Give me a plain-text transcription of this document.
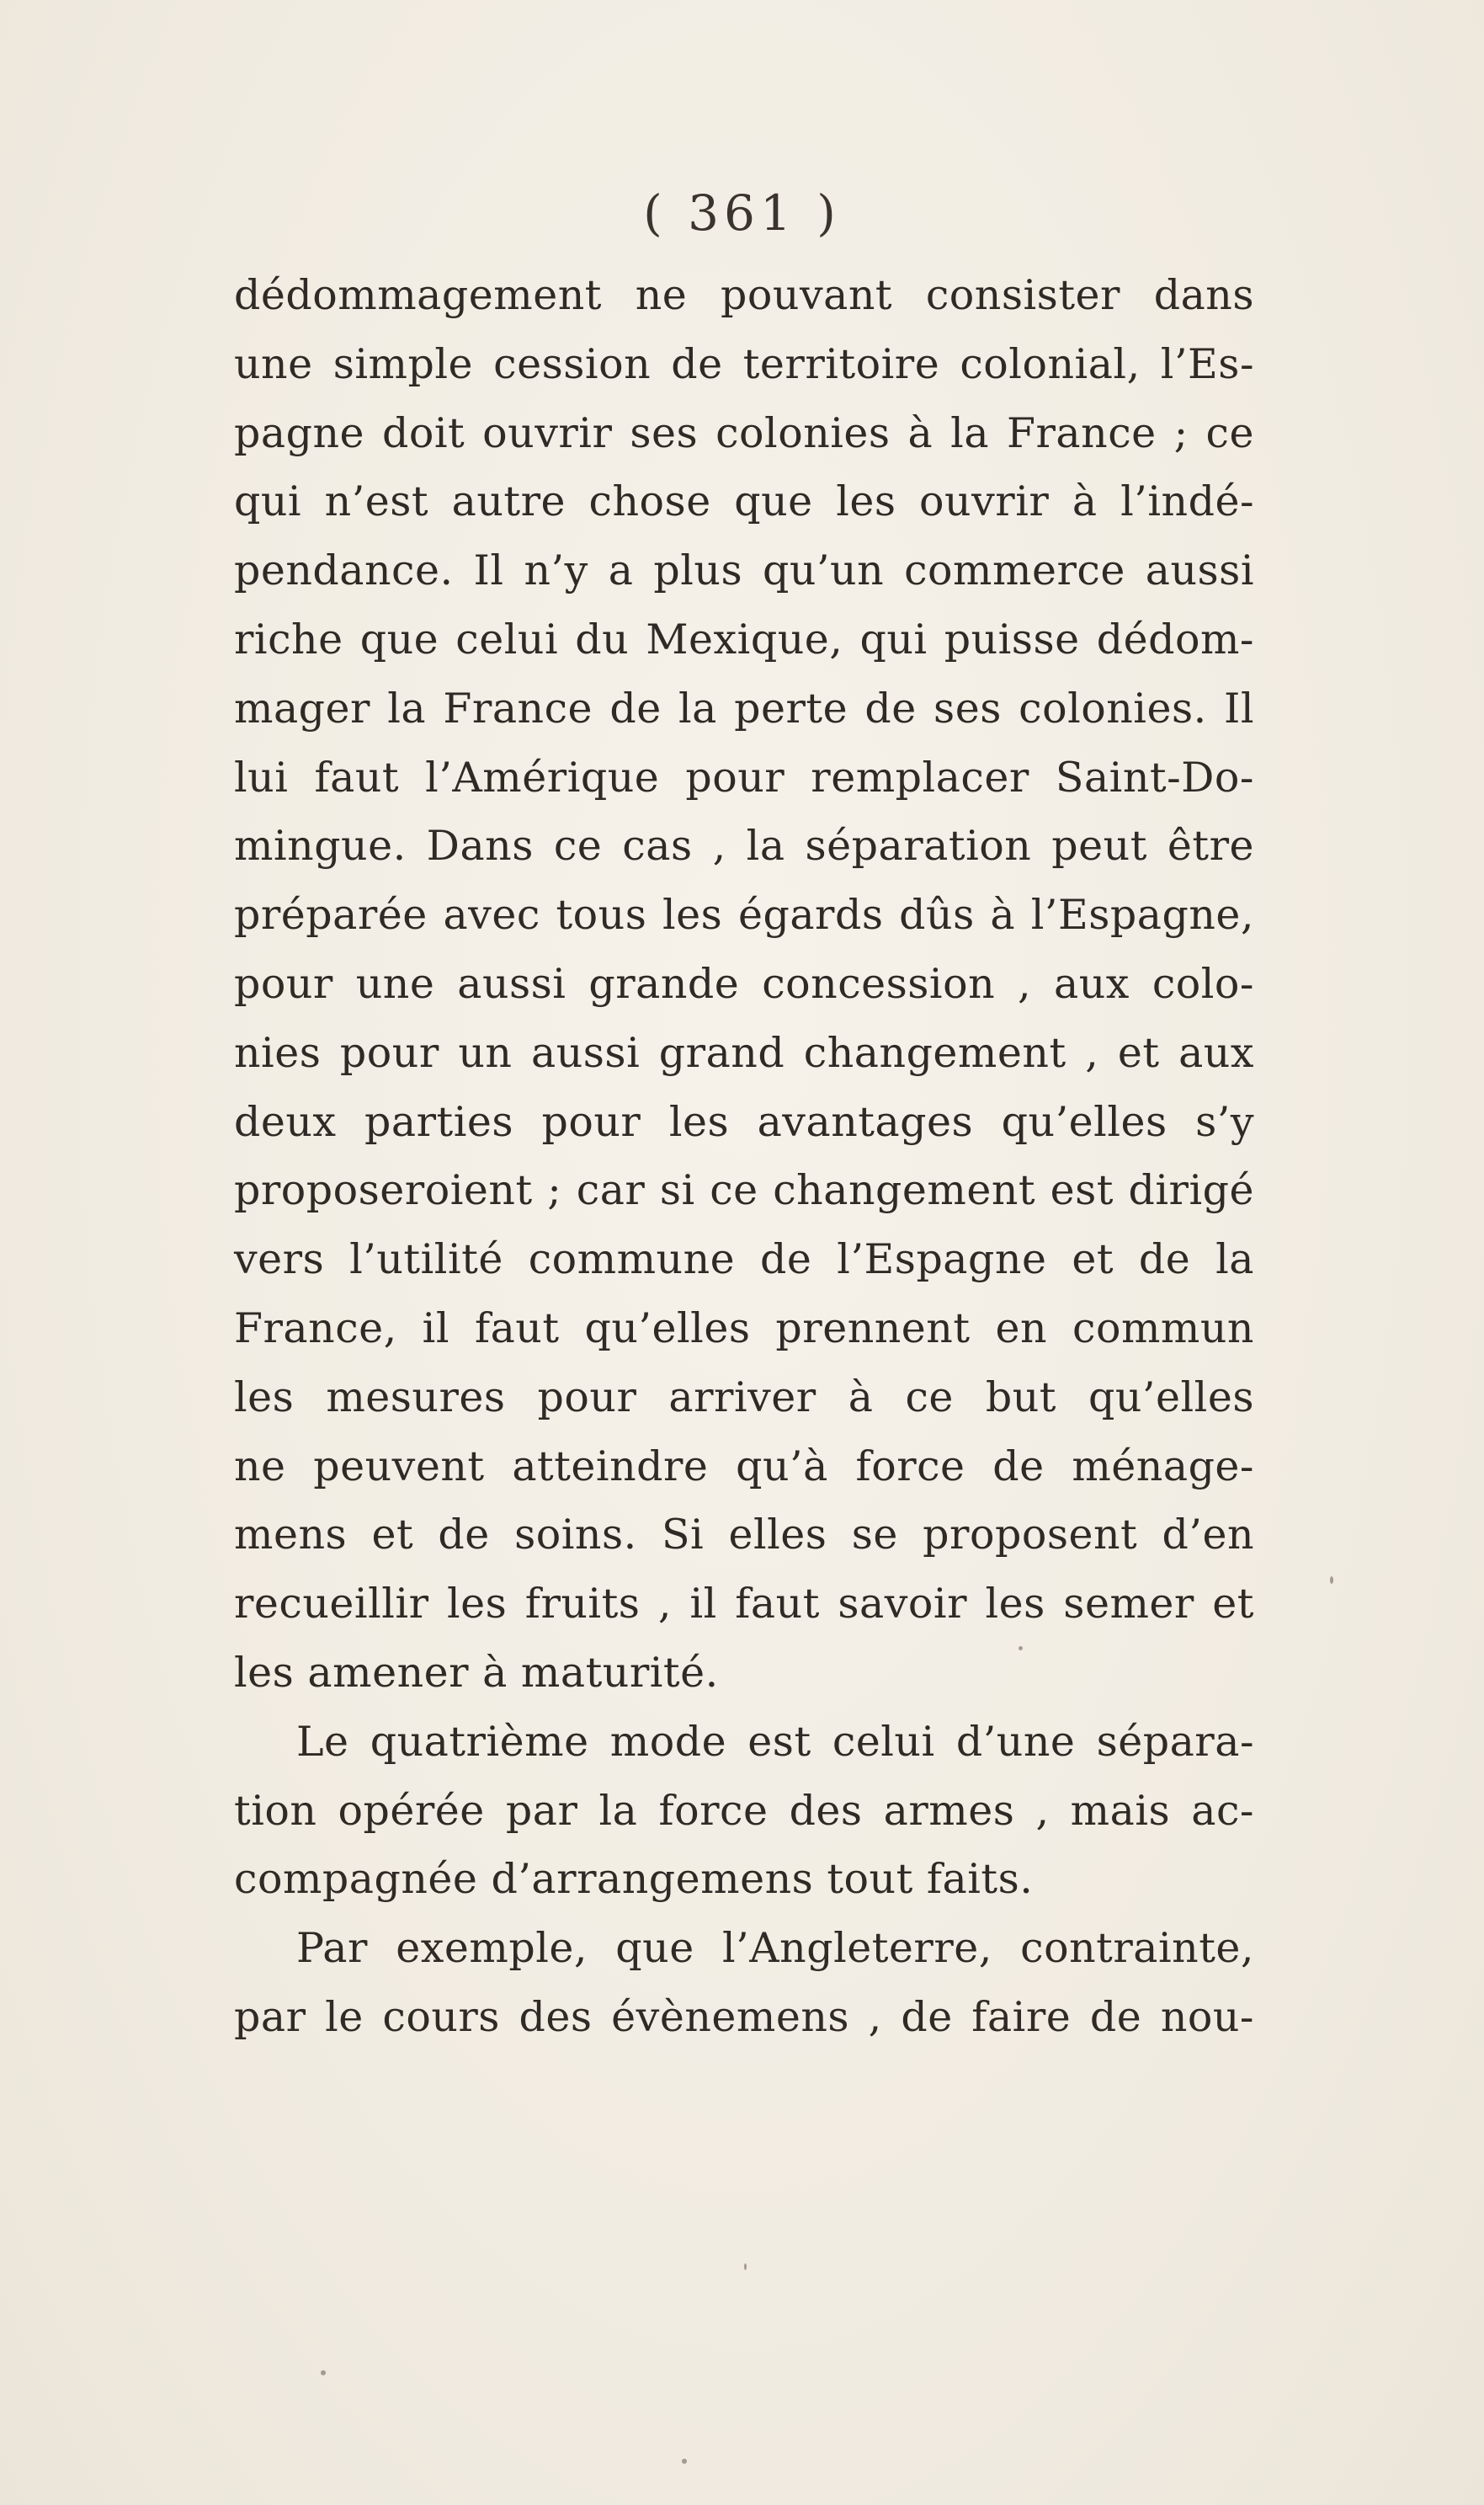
( 361 )
dédommagement ne pouvant consister dans
une simple cession de territoire colonial, l’Es-
pagne doit ouvrir ses colonies à la France ; ce
qui n’est autre chose que les ouvrir à l’indé-
pendance. Il n’y a plus qu’un commerce aussi
riche que celui du Mexique, qui puisse dédom-
mager la France de la perte de ses colonies. Il
lui faut l’Amérique pour remplacer Saint-Do-
mingue. Dans ce cas , la séparation peut être
préparée avec tous les égards dûs à l’Espagne,
pour une aussi grande concession , aux colo-
nies pour un aussi grand changement , et aux
deux parties pour les avantages qu’elles s’y
proposeroient ; car si ce changement est dirigé
vers l’utilité commune de l’Espagne et de la
France, il faut qu’elles prennent en commun
les mesures pour arriver à ce but qu’elles
ne peuvent atteindre qu’à force de ménage-
mens et de soins. Si elles se proposent d’en
recueillir les fruits , il faut savoir les semer et
les amener à maturité.
Le quatrième mode est celui d’une sépara-
tion opérée par la force des armes , mais ac-
compagnée d’arrangemens tout faits.
Par exemple, que l’Angleterre, contrainte,
par le cours des évènemens , de faire de nou-
